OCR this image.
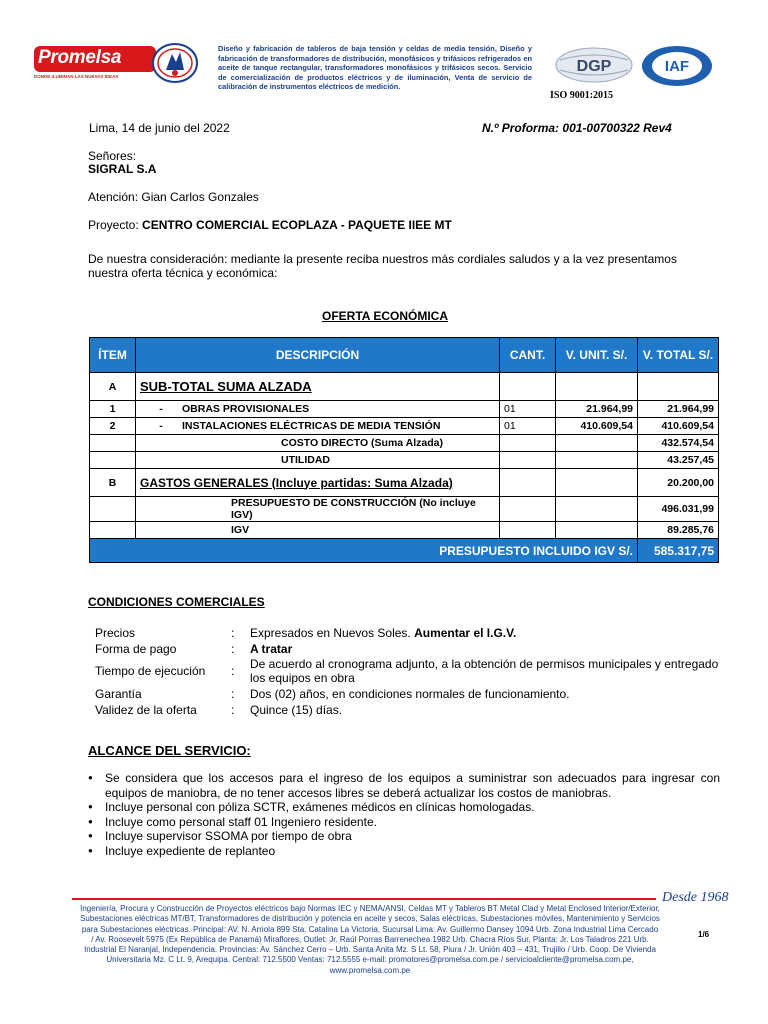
Promelsa
DONDE ILUMINAN LAS NUEVAS IDEAS
Diseño y fabricación de tableros de baja tensión y celdas de media tensión, Diseño y fabricación de transformadores de distribución, monofásicos y trifásicos refrigerados en aceite de tanque rectangular, transformadores monofásicos y trifásicos secos. Servicio de comercialización de productos eléctricos y de iluminación, Venta de servicio de calibración de instrumentos eléctricos de medición.
DGP	IAF
ISO 9001:2015
Lima, 14 de junio del 2022	N.º Proforma: 001-00700322 Rev4
Señores:
SIGRAL S.A
Atención: Gian Carlos Gonzales
Proyecto: CENTRO COMERCIAL ECOPLAZA - PAQUETE IIEE MT
De nuestra consideración: mediante la presente reciba nuestros más cordiales saludos y a la vez presentamos nuestra oferta técnica y económica:
OFERTA ECONÓMICA
ÍTEM	DESCRIPCIÓN	CANT.	V. UNIT. S/.	V. TOTAL S/.
A	SUB-TOTAL SUMA ALZADA			
1	- OBRAS PROVISIONALES	01	21.964,99	21.964,99
2	- INSTALACIONES ELÉCTRICAS DE MEDIA TENSIÓN	01	410.609,54	410.609,54
	COSTO DIRECTO (Suma Alzada)			432.574,54
	UTILIDAD			43.257,45
B	GASTOS GENERALES (Incluye partidas: Suma Alzada)			20.200,00
	PRESUPUESTO DE CONSTRUCCIÓN (No incluye IGV)			496.031,99
	IGV			89.285,76
PRESUPUESTO INCLUIDO IGV S/.				585.317,75
CONDICIONES COMERCIALES
Precios	: Expresados en Nuevos Soles. Aumentar el I.G.V.
Forma de pago	: A tratar
Tiempo de ejecución : De acuerdo al cronograma adjunto, a la obtención de permisos municipales y entregado los equipos en obra
Garantía	: Dos (02) años, en condiciones normales de funcionamiento.
Validez de la oferta	: Quince (15) días.
ALCANCE DEL SERVICIO:
● Se considera que los accesos para el ingreso de los equipos a suministrar son adecuados para ingresar con equipos de maniobra, de no tener accesos libres se deberá actualizar los costos de maniobras.
● Incluye personal con póliza SCTR, exámenes médicos en clínicas homologadas.
● Incluye como personal staff 01 Ingeniero residente.
● Incluye supervisor SSOMA por tiempo de obra
● Incluye expediente de replanteo
Desde 1968
Ingeniería, Procura y Construcción de Proyectos eléctricos bajo Normas IEC y NEMA/ANSI, Celdas MT y Tableros BT Metal Clad y Metal Enclosed Interior/Exterior, Subestaciones eléctricas MT/BT, Transformadores de distribución y potencia en aceite y secos, Salas eléctricas, Subestaciones móviles, Mantenimiento y Servicios para Subestaciones eléctricas. Principal: AV. N. Arriola 899 Sta. Catalina La Victoria, Sucursal Lima: Av. Guillermo Dansey 1094 Urb. Zona Industrial Lima Cercado / Av. Roosevelt 5975 (Ex República de Panamá) Miraflores, Outlet: Jr. Raúl Porras Barrenechea 1982 Urb. Chacra Ríos Sur, Planta: Jr. Los Taladros 221 Urb. Industrial El Naranjal, Independencia. Provincias: Av. Sánchez Cerro – Urb. Santa Anita Mz. S Lt. 58, Piura / Jr. Unión 403 – 431, Trujillo / Urb. Coop. De Vivienda Universitaria Mz. C Lt. 9, Arequipa. Central: 712.5500 Ventas: 712.5555 e-mail: promotores@promelsa.com.pe / servicioalcliente@promelsa.com.pe, www.promelsa.com.pe
1/6
